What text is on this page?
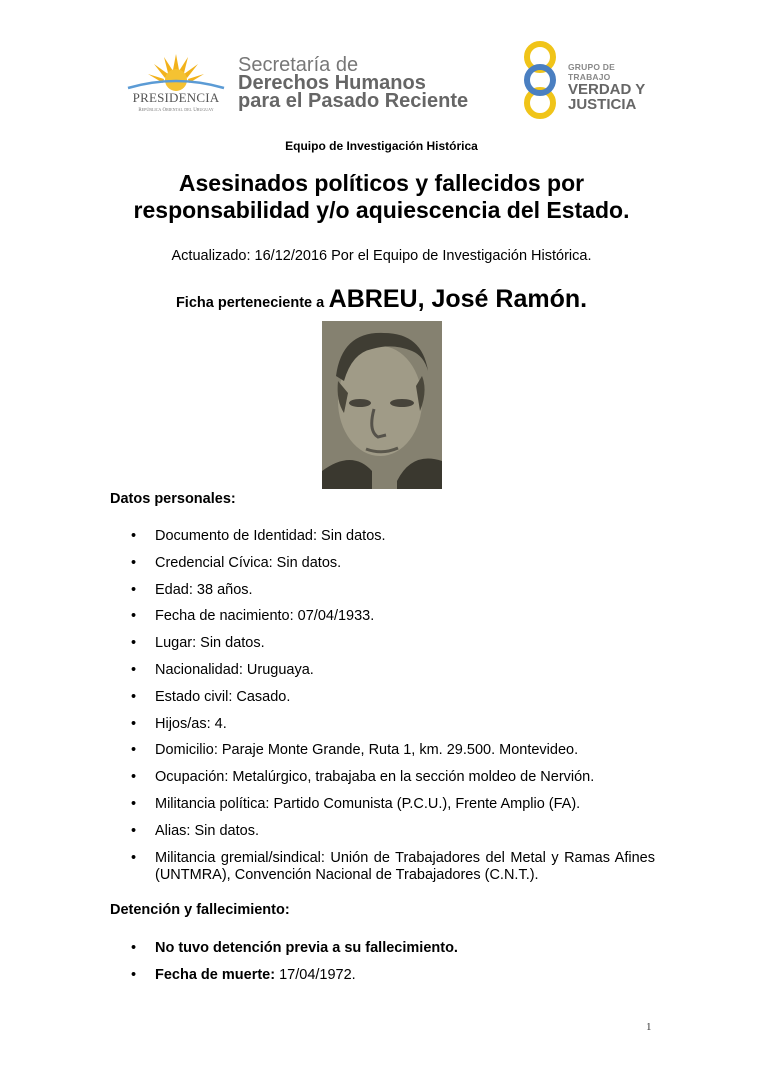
PRESIDENCIA
República Oriental del Uruguay
Secretaría de
Derechos Humanos
para el Pasado Reciente
GRUPO DE TRABAJO
VERDAD Y
JUSTICIA
Equipo de Investigación Histórica
Asesinados políticos y fallecidos por
responsabilidad y/o aquiescencia del Estado.
Actualizado: 16/12/2016 Por el Equipo de Investigación Histórica.
Ficha perteneciente a ABREU, José Ramón.
Datos personales:
• Documento de Identidad: Sin datos.
• Credencial Cívica: Sin datos.
• Edad: 38 años.
• Fecha de nacimiento: 07/04/1933.
• Lugar: Sin datos.
• Nacionalidad: Uruguaya.
• Estado civil: Casado.
• Hijos/as: 4.
• Domicilio: Paraje Monte Grande, Ruta 1, km. 29.500. Montevideo.
• Ocupación: Metalúrgico, trabajaba en la sección moldeo de Nervión.
• Militancia política: Partido Comunista (P.C.U.), Frente Amplio (FA).
• Alias: Sin datos.
• Militancia gremial/sindical: Unión de Trabajadores del Metal y Ramas Afines (UNTMRA), Convención Nacional de Trabajadores (C.N.T.).
Detención y fallecimiento:
• No tuvo detención previa a su fallecimiento.
• Fecha de muerte: 17/04/1972.
1
